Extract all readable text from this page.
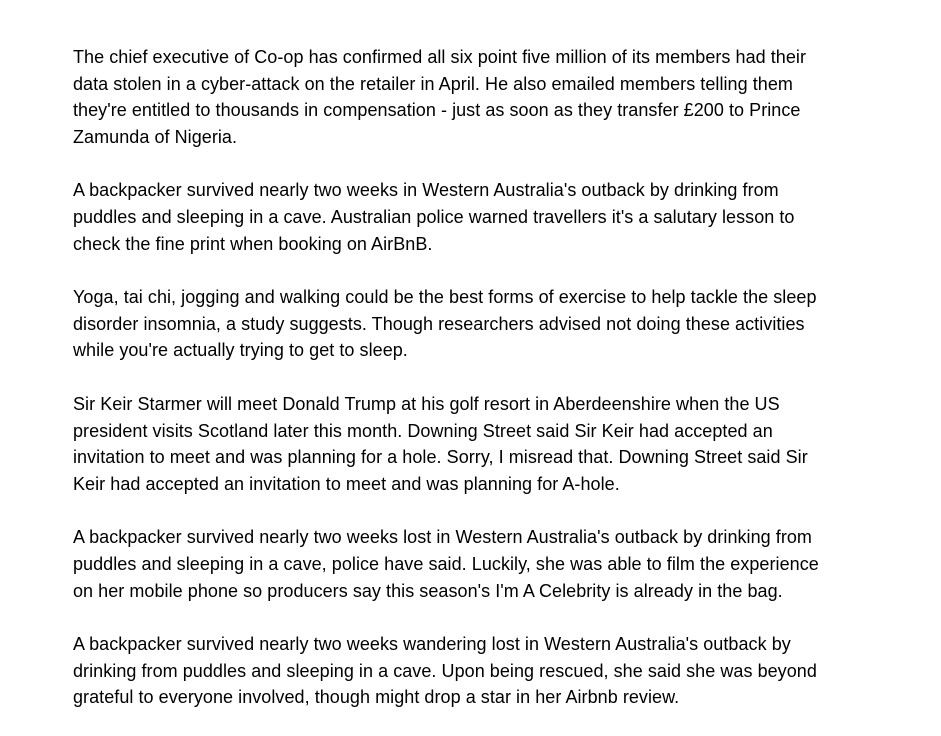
The chief executive of Co-op has confirmed all six point five million of its members had their
data stolen in a cyber-attack on the retailer in April. He also emailed members telling them
they're entitled to thousands in compensation - just as soon as they transfer £200 to Prince
Zamunda of Nigeria.

A backpacker survived nearly two weeks in Western Australia's outback by drinking from
puddles and sleeping in a cave. Australian police warned travellers it's a salutary lesson to
check the fine print when booking on AirBnB.

Yoga, tai chi, jogging and walking could be the best forms of exercise to help tackle the sleep
disorder insomnia, a study suggests. Though researchers advised not doing these activities
while you're actually trying to get to sleep.

Sir Keir Starmer will meet Donald Trump at his golf resort in Aberdeenshire when the US
president visits Scotland later this month. Downing Street said Sir Keir had accepted an
invitation to meet and was planning for a hole. Sorry, I misread that. Downing Street said Sir
Keir had accepted an invitation to meet and was planning for A-hole.

A backpacker survived nearly two weeks lost in Western Australia's outback by drinking from
puddles and sleeping in a cave, police have said. Luckily, she was able to film the experience
on her mobile phone so producers say this season's I'm A Celebrity is already in the bag.

A backpacker survived nearly two weeks wandering lost in Western Australia's outback by
drinking from puddles and sleeping in a cave. Upon being rescued, she said she was beyond
grateful to everyone involved, though might drop a star in her Airbnb review.
